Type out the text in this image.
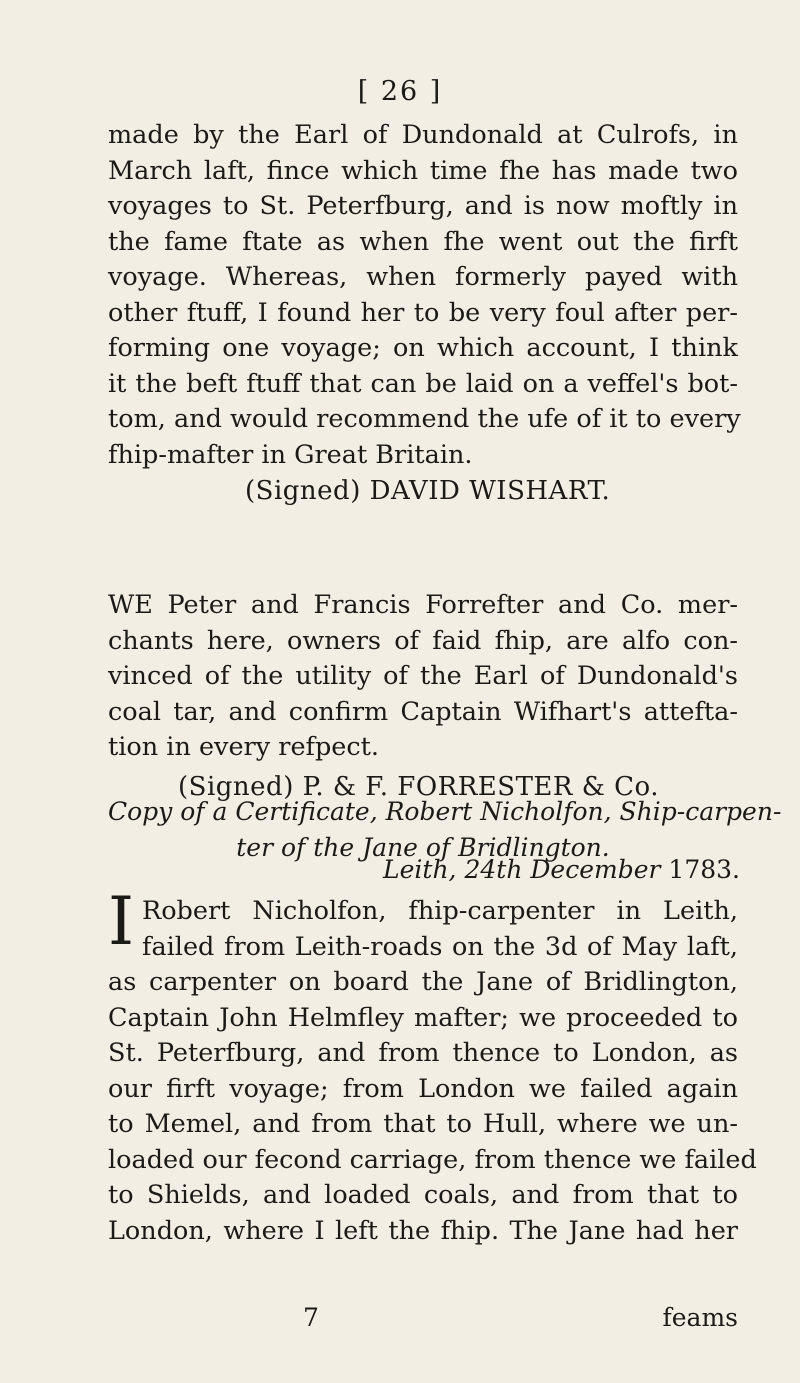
[ 26 ]
made by the Earl of Dundonald at Culrofs, in
March laft, fince which time fhe has made two
voyages to St. Peterfburg, and is now moftly in
the fame ftate as when fhe went out the firft
voyage. Whereas, when formerly payed with
other ftuff, I found her to be very foul after per-
forming one voyage; on which account, I think
it the beft ftuff that can be laid on a veffel's bot-
tom, and would recommend the ufe of it to every
fhip-mafter in Great Britain.
(Signed) DAVID WISHART.
WE Peter and Francis Forrefter and Co. mer-
chants here, owners of faid fhip, are alfo con-
vinced of the utility of the Earl of Dundonald's
coal tar, and confirm Captain Wifhart's attefta-
tion in every refpect.
(Signed) P. & F. FORRESTER & Co.
Copy of a Certificate, Robert Nicholfon, Ship-carpen-
ter of the Jane of Bridlington.
Leith, 24th December 1783.
I Robert Nicholfon, fhip-carpenter in Leith,
failed from Leith-roads on the 3d of May laft,
as carpenter on board the Jane of Bridlington,
Captain John Helmfley mafter; we proceeded to
St. Peterfburg, and from thence to London, as
our firft voyage; from London we failed again
to Memel, and from that to Hull, where we un-
loaded our fecond carriage, from thence we failed
to Shields, and loaded coals, and from that to
London, where I left the fhip. The Jane had her
7	feams
